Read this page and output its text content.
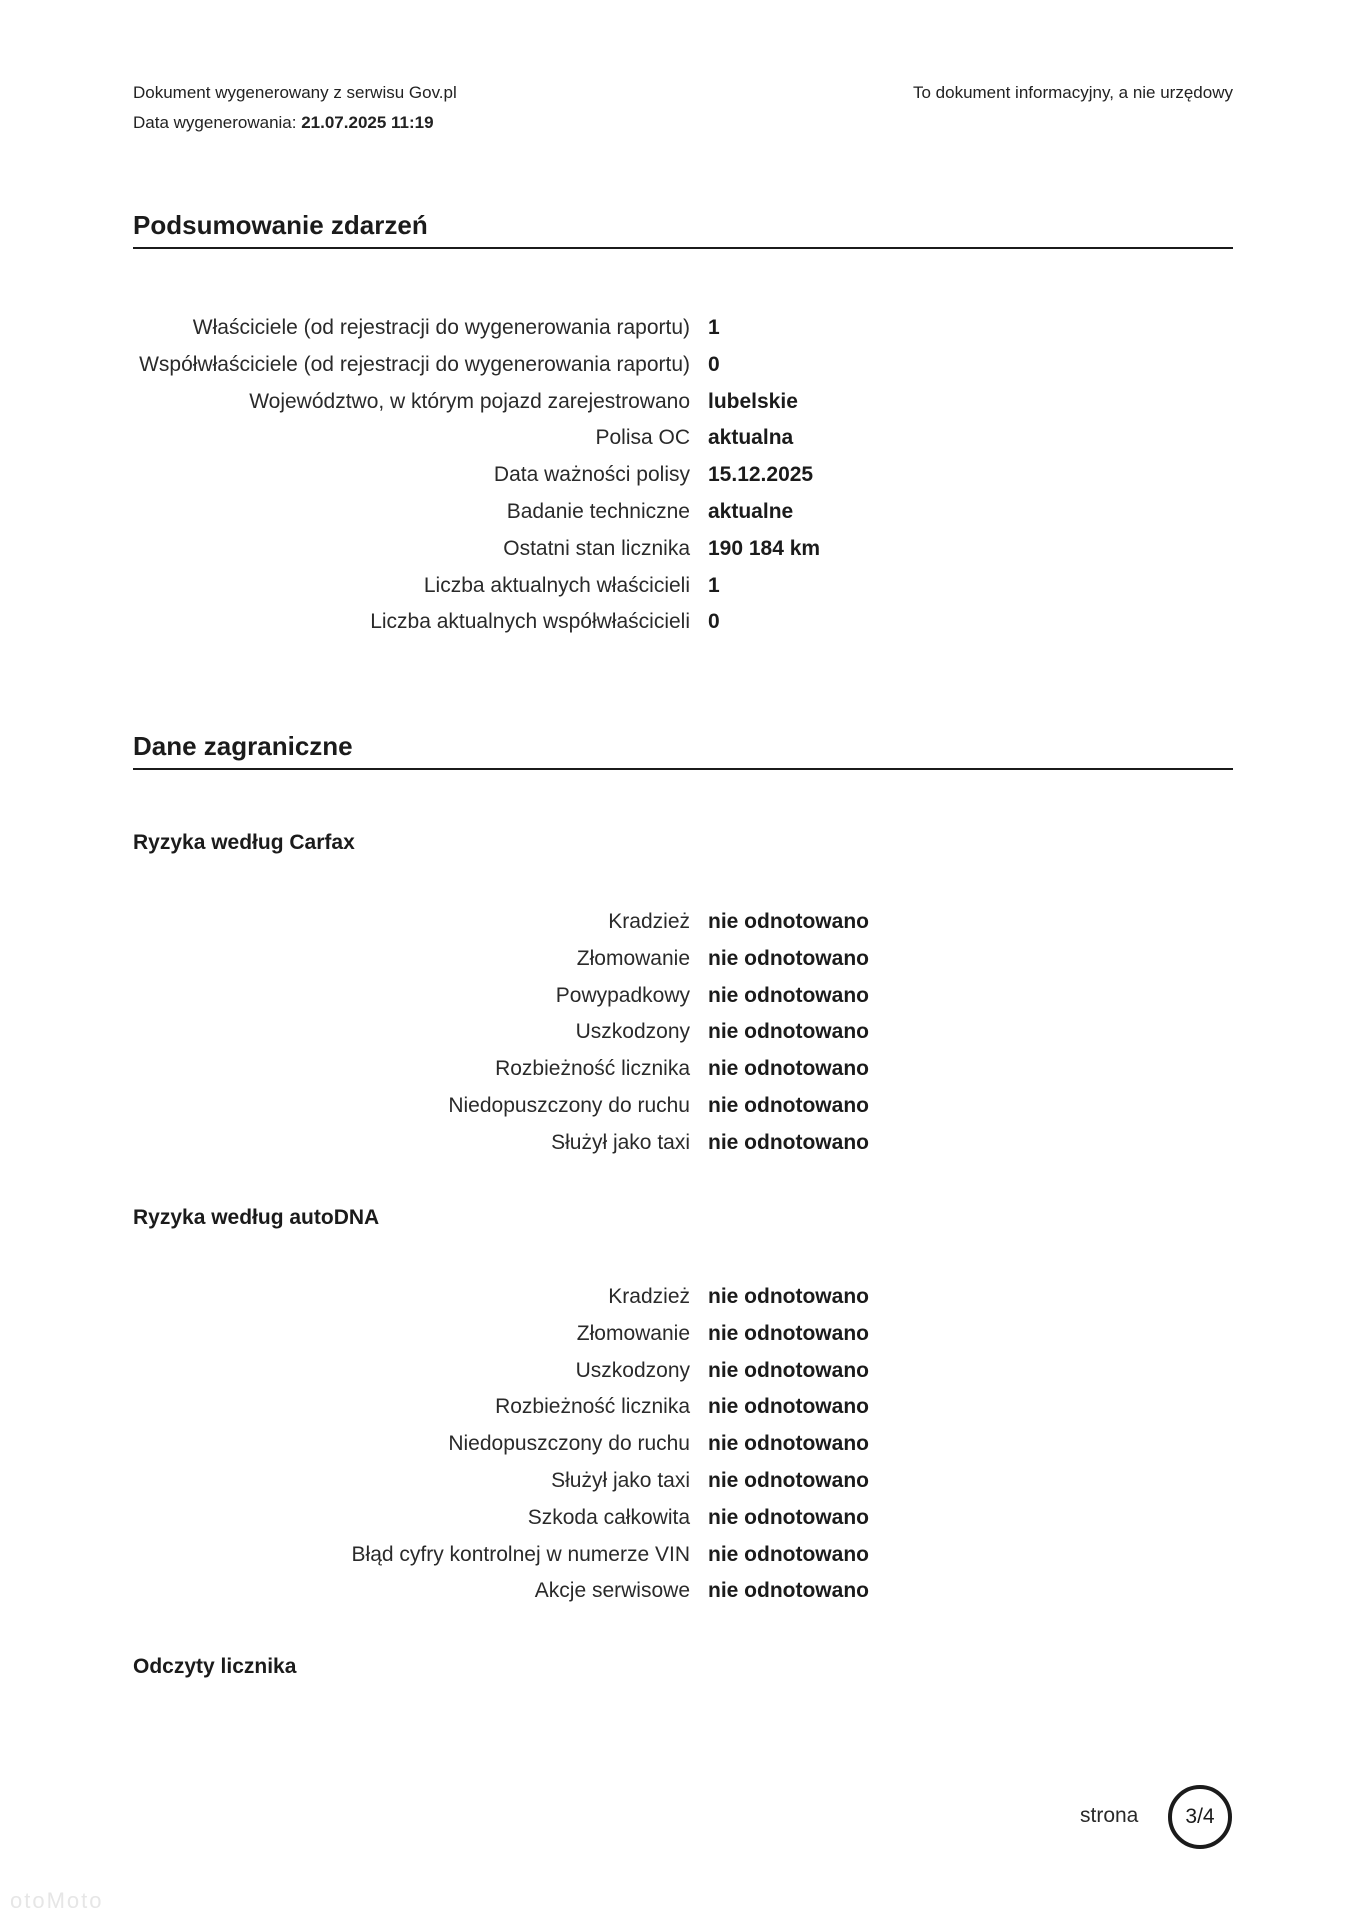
Dokument wygenerowany z serwisu Gov.pl
Data wygenerowania: 21.07.2025 11:19
To dokument informacyjny, a nie urzędowy
Podsumowanie zdarzeń
Właściciele (od rejestracji do wygenerowania raportu) 1
Współwłaściciele (od rejestracji do wygenerowania raportu) 0
Województwo, w którym pojazd zarejestrowano lubelskie
Polisa OC aktualna
Data ważności polisy 15.12.2025
Badanie techniczne aktualne
Ostatni stan licznika 190 184 km
Liczba aktualnych właścicieli 1
Liczba aktualnych współwłaścicieli 0
Dane zagraniczne
Ryzyka według Carfax
Kradzież nie odnotowano
Złomowanie nie odnotowano
Powypadkowy nie odnotowano
Uszkodzony nie odnotowano
Rozbieżność licznika nie odnotowano
Niedopuszczony do ruchu nie odnotowano
Służył jako taxi nie odnotowano
Ryzyka według autoDNA
Kradzież nie odnotowano
Złomowanie nie odnotowano
Uszkodzony nie odnotowano
Rozbieżność licznika nie odnotowano
Niedopuszczony do ruchu nie odnotowano
Służył jako taxi nie odnotowano
Szkoda całkowita nie odnotowano
Błąd cyfry kontrolnej w numerze VIN nie odnotowano
Akcje serwisowe nie odnotowano
Odczyty licznika
strona 3/4
otoMoto
